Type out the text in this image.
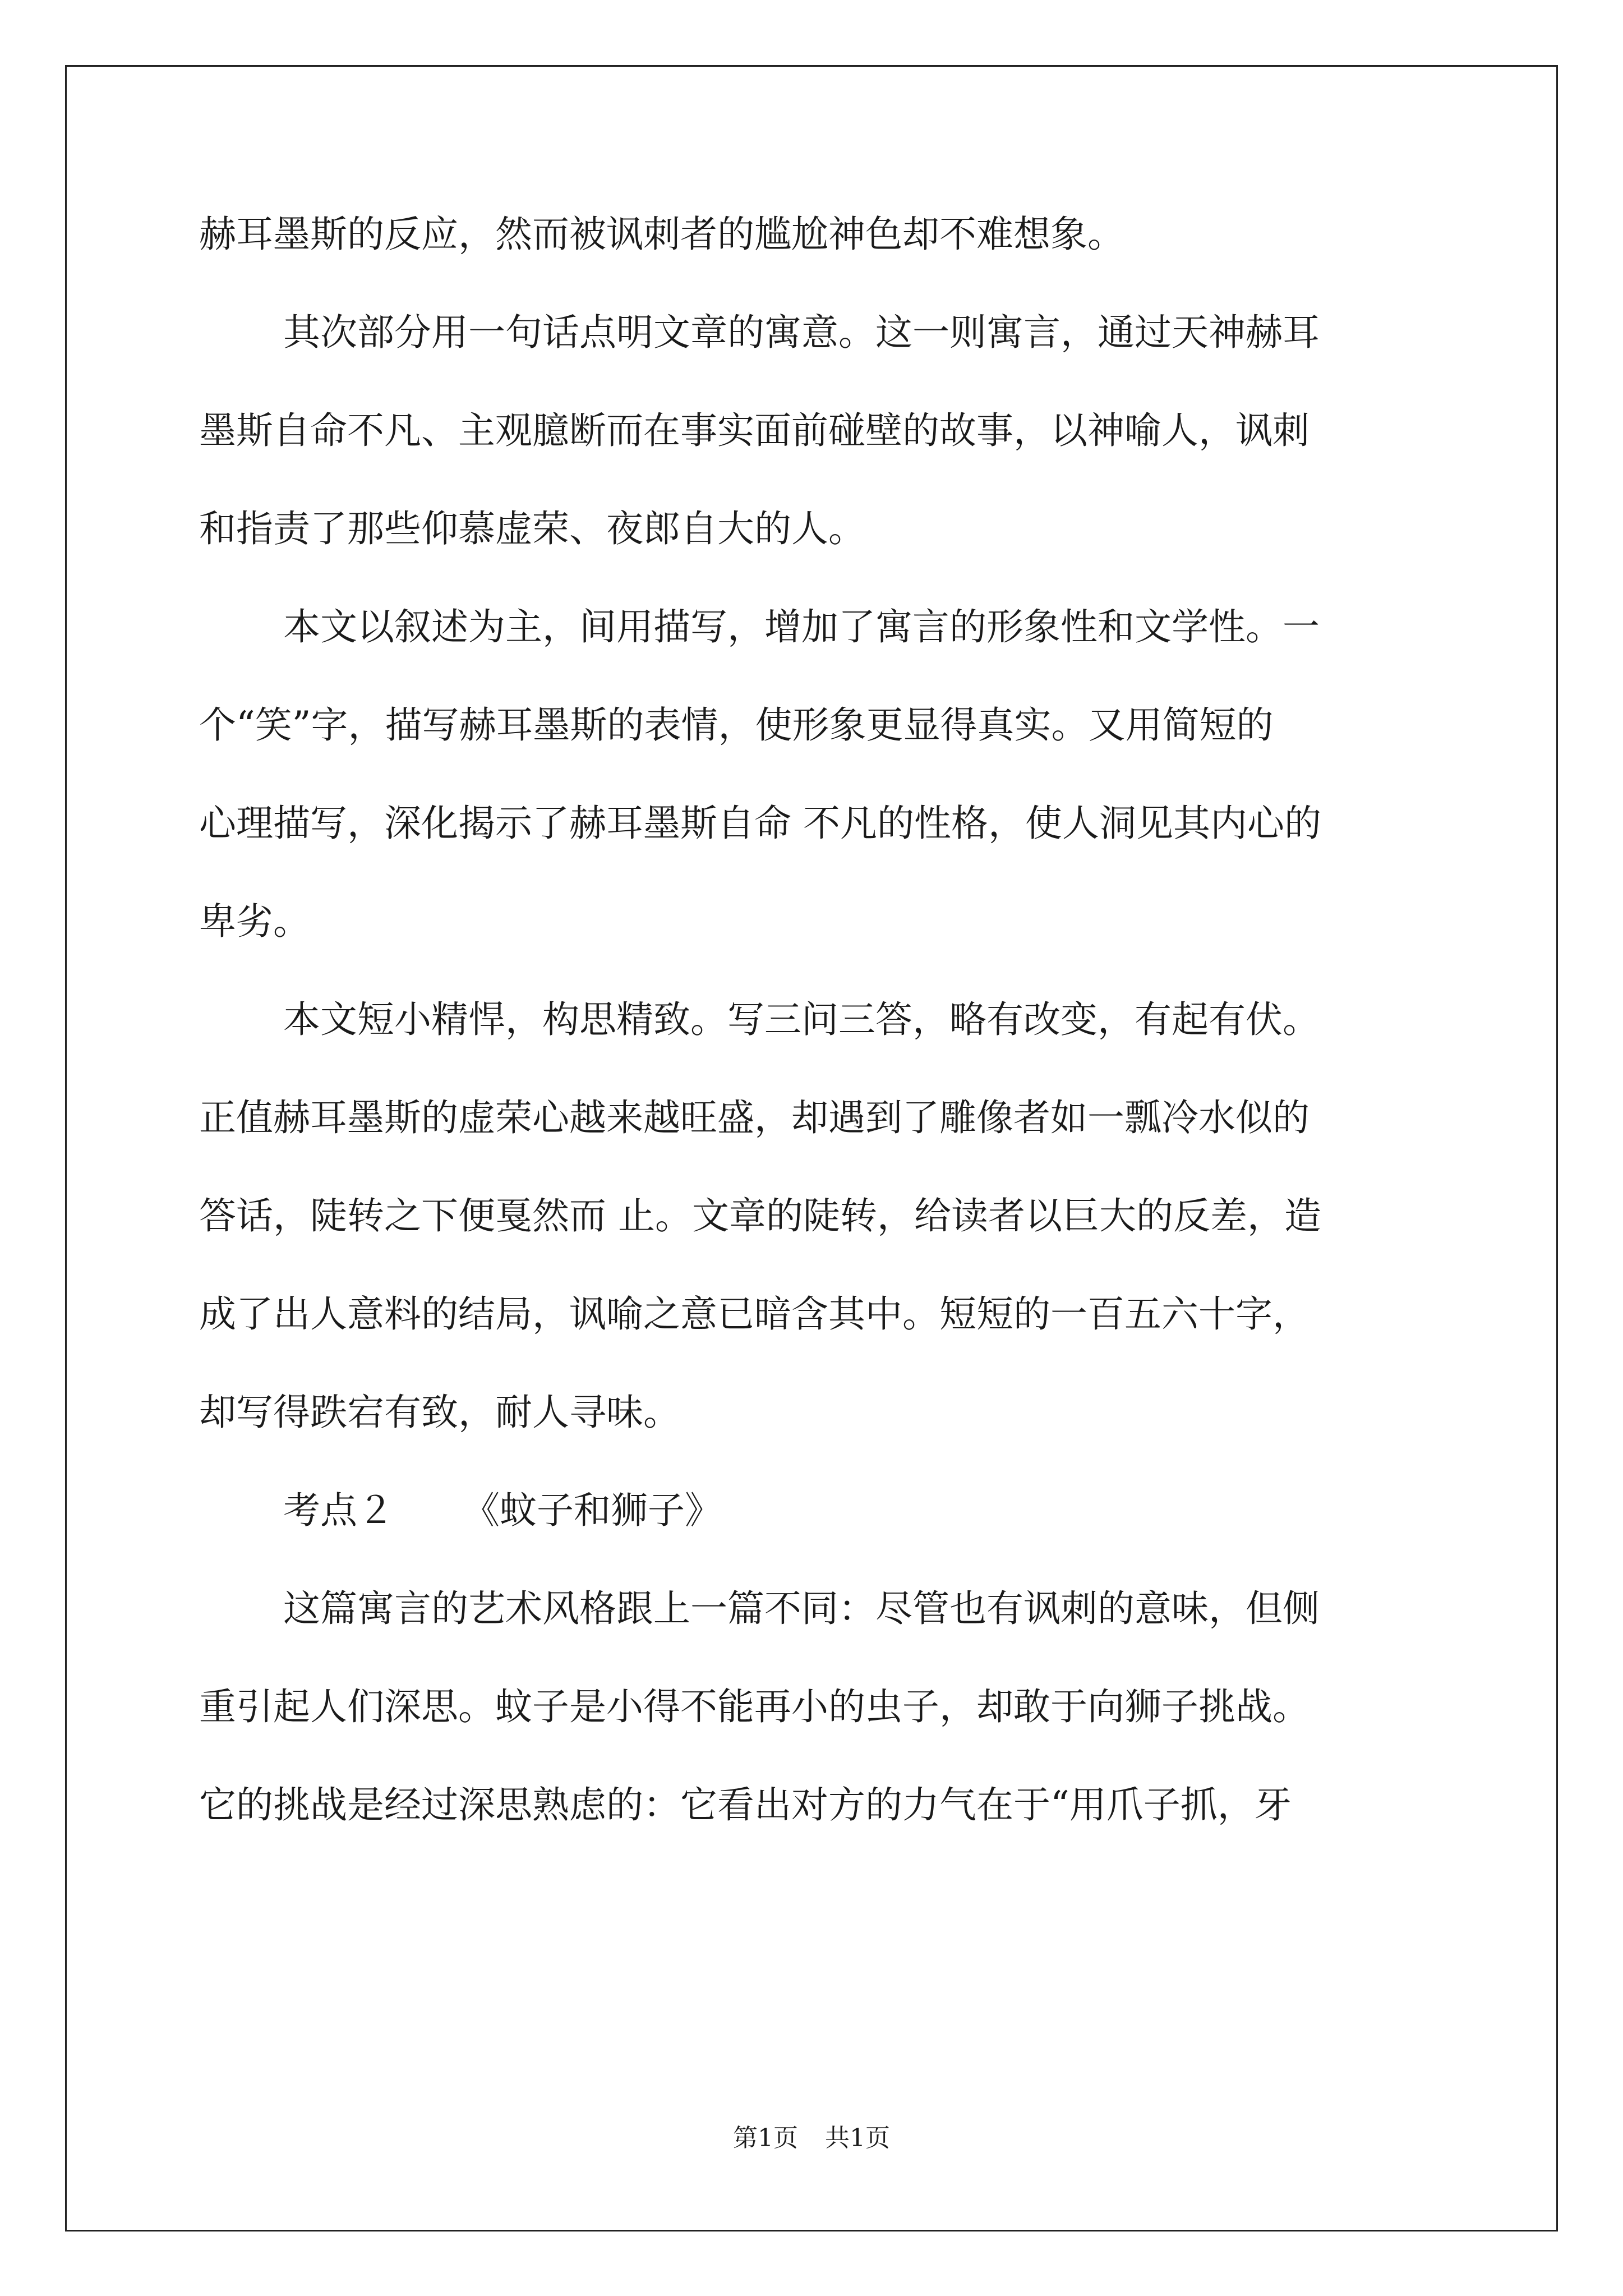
赫耳墨斯的反应，然而被讽刺者的尴尬神色却不难想象。
其次部分用一句话点明文章的寓意。这一则寓言，通过天神赫耳
墨斯自命不凡、主观臆断而在事实面前碰壁的故事，以神喻人，讽刺
和指责了那些仰慕虚荣、夜郎自大的人。
本文以叙述为主，间用描写，增加了寓言的形象性和文学性。一
个“笑”字，描写赫耳墨斯的表情，使形象更显得真实。又用简短的
心理描写，深化揭示了赫耳墨斯自命 不凡的性格，使人洞见其内心的
卑劣。
本文短小精悍，构思精致。写三问三答，略有改变，有起有伏。
正值赫耳墨斯的虚荣心越来越旺盛，却遇到了雕像者如一瓢冷水似的
答话，陡转之下便戛然而 止。文章的陡转，给读者以巨大的反差，造
成了出人意料的结局，讽喻之意已暗含其中。短短的一百五六十字，
却写得跌宕有致，耐人寻味。
考点２ 《蚊子和狮子》
这篇寓言的艺术风格跟上一篇不同：尽管也有讽刺的意味，但侧
重引起人们深思。蚊子是小得不能再小的虫子，却敢于向狮子挑战。
它的挑战是经过深思熟虑的：它看出对方的力气在于“用爪子抓，牙
第1页 共1页
